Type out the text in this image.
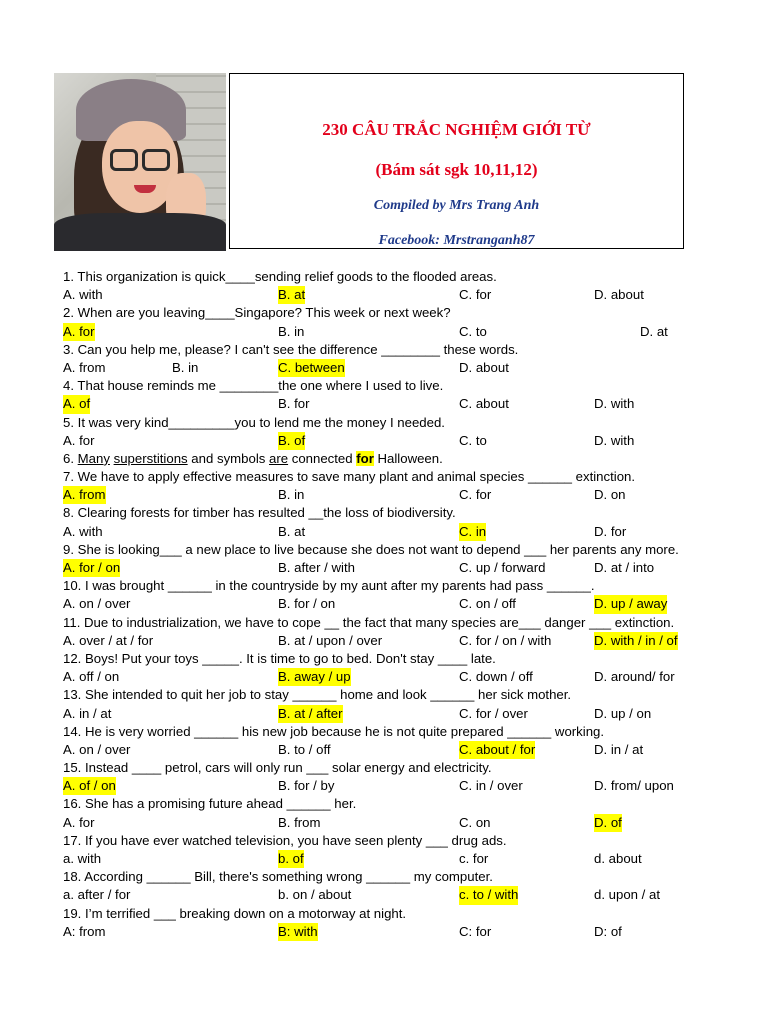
230 CÂU TRẮC NGHIỆM GIỚI TỪ
(Bám sát sgk 10,11,12)
Compiled by Mrs Trang Anh
Facebook: Mrstranganh87
1. This organization is quick____sending relief goods to the flooded areas.
A. with	B. at	C. for	D. about
2. When are you leaving____Singapore? This week or next week?
A. for	B. in	C. to	D. at
3. Can you help me, please? I can't see the difference ________ these words.
A. from	B. in	C. between	D. about
4. That house reminds me ________the one where I used to live.
A. of	B. for	C. about	D. with
5. It was very kind_________you to lend me the money I needed.
A. for	B. of	C. to	D. with
6. Many superstitions and symbols are connected for Halloween.
7. We have to apply effective measures to save many plant and animal species ______ extinction.
A. from	B. in	C. for	D. on
8. Clearing forests for timber has resulted __the loss of biodiversity.
A. with	B. at	C. in	D. for
9. She is looking___ a new place to live because she does not want to depend ___ her parents any more.
A. for / on	B. after / with	C. up / forward	D. at / into
10. I was brought ______ in the countryside by my aunt after my parents had pass ______.
A. on / over	B. for / on	C. on / off	D. up / away
11. Due to industrialization, we have to cope __ the fact that many species are___ danger ___ extinction.
A. over / at / for	B. at / upon / over	C. for / on / with	D. with / in / of
12. Boys! Put your toys _____. It is time to go to bed. Don't stay ____ late.
A. off / on	B. away / up	C. down / off	D. around/ for
13. She intended to quit her job to stay ______ home and look ______ her sick mother.
A. in / at	B. at / after	C. for / over	D. up / on
14. He is very worried ______ his new job because he is not quite prepared ______ working.
A. on / over	B. to / off	C. about / for	D. in / at
15. Instead ____ petrol, cars will only run ___ solar energy and electricity.
A. of / on	B. for / by	C. in / over	D. from/ upon
16. She has a promising future ahead ______ her.
A. for	B. from	C. on	D. of
17. If you have ever watched television, you have seen plenty ___ drug ads.
a. with	b. of	c. for	d. about
18. According ______ Bill, there's something wrong ______ my computer.
a. after / for	b. on / about	c. to / with	d. upon / at
19. I’m terrified ___ breaking down on a motorway at night.
A: from	B: with	C: for	D: of
